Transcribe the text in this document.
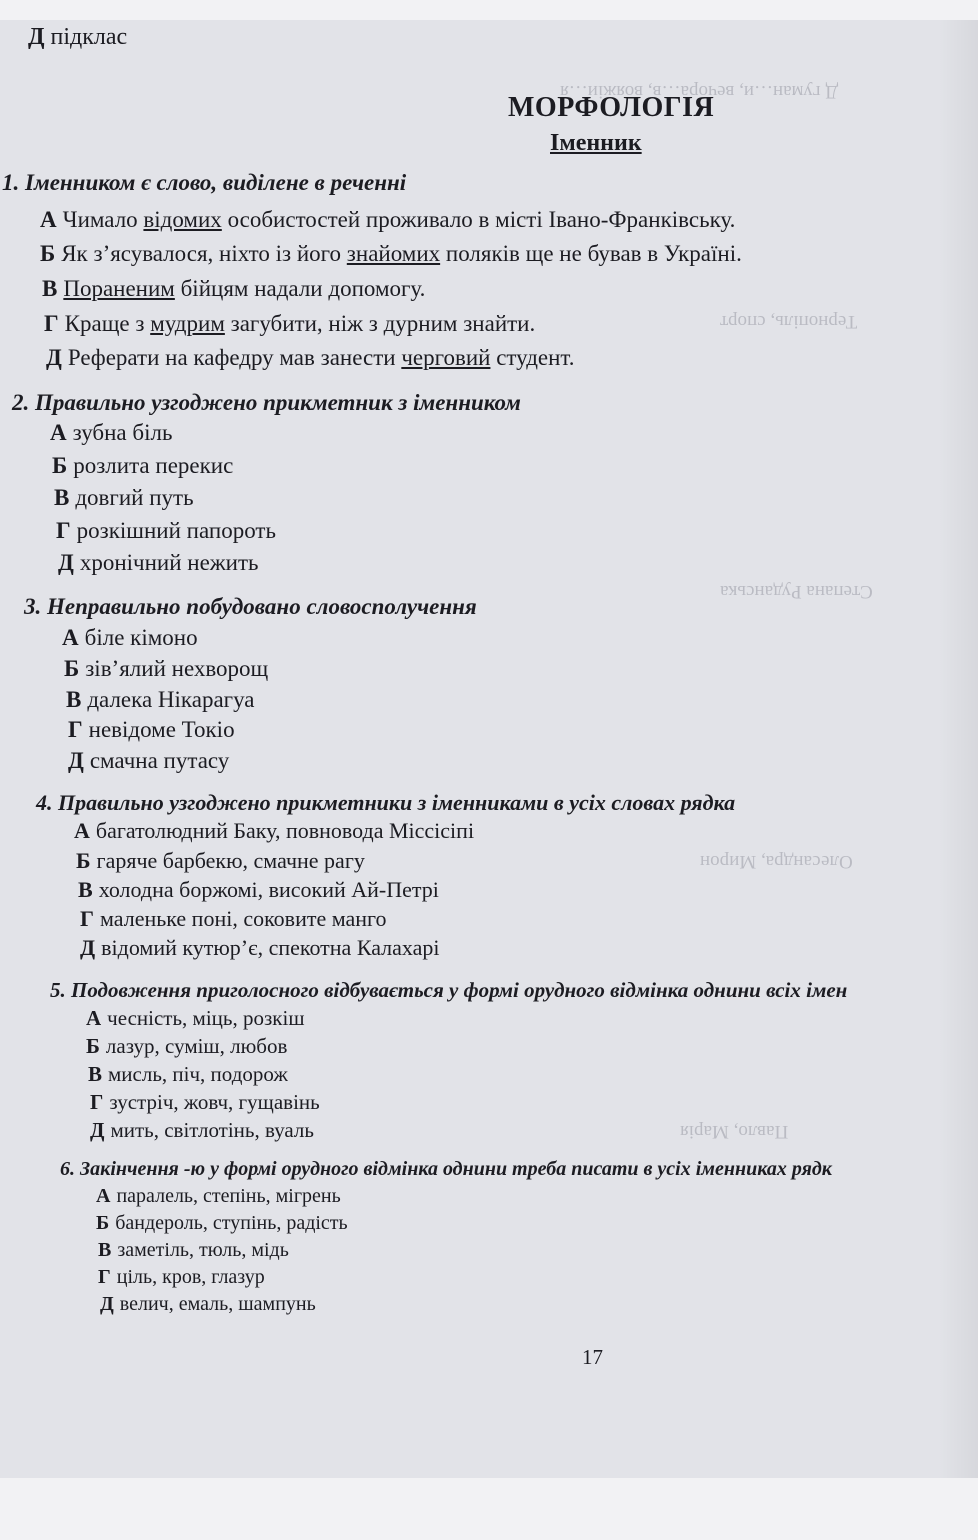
Д гуман…и, вечора…в, вояжіи…я
Тернопіль, спорт
Степана Руданська
Олесандра, Мирон
Павло, Марія
Д підклас
МОРФОЛОГІЯ
Іменник
1. Іменником є слово, виділене в реченні
А Чимало відомих особистостей проживало в місті Івано-Франківську.
Б Як з’ясувалося, ніхто із його знайомих поляків ще не бував в Україні.
В Пораненим бійцям надали допомогу.
Г Краще з мудрим загубити, ніж з дурним знайти.
Д Реферати на кафедру мав занести черговий студент.
2. Правильно узгоджено прикметник з іменником
А зубна біль
Б розлита перекис
В довгий путь
Г розкішний папороть
Д хронічний нежить
3. Неправильно побудовано словосполучення
А біле кімоно
Б зів’ялий нехворощ
В далека Нікарагуа
Г невідоме Токіо
Д смачна путасу
4. Правильно узгоджено прикметники з іменниками в усіх словах рядка
А багатолюдний Баку, повновода Міссісіпі
Б гаряче барбекю, смачне рагу
В холодна боржомі, високий Ай-Петрі
Г маленьке поні, соковите манго
Д відомий кутюр’є, спекотна Калахарі
5. Подовження приголосного відбувається у формі орудного відмінка однини всіх імен
А чесність, міць, розкіш
Б лазур, суміш, любов
В мисль, піч, подорож
Г зустріч, жовч, гущавінь
Д мить, світлотінь, вуаль
6. Закінчення -ю у формі орудного відмінка однини треба писати в усіх іменниках рядк
А паралель, степінь, мігрень
Б бандероль, ступінь, радість
В заметіль, тюль, мідь
Г ціль, кров, глазур
Д велич, емаль, шампунь
17
